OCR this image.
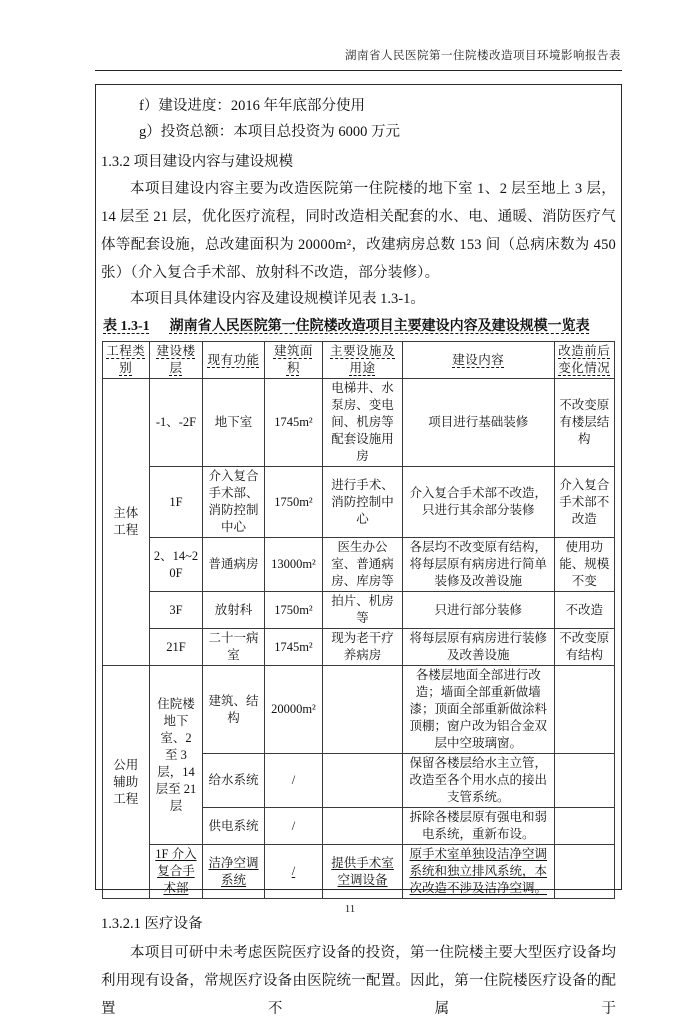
湖南省人民医院第一住院楼改造项目环境影响报告表

f）建设进度：2016 年年底部分使用

g）投资总额：本项目总投资为 6000 万元

1.3.2 项目建设内容与建设规模

本项目建设内容主要为改造医院第一住院楼的地下室 1、2 层至地上 3 层，14 层至 21 层，优化医疗流程，同时改造相关配套的水、电、通暖、消防医疗气体等配套设施，总改建面积为 20000m²，改建病房总数 153 间（总病床数为 450 张）（介入复合手术部、放射科不改造，部分装修）。

本项目具体建设内容及建设规模详见表 1.3-1。

表 1.3-1 湖南省人民医院第一住院楼改造项目主要建设内容及建设规模一览表

工程类别	建设楼层	现有功能	建筑面积	主要设施及用途	建设内容	改造前后变化情况
主体工程	-1、-2F	地下室	1745m²	电梯井、水泵房、变电间、机房等配套设施用房	项目进行基础装修	不改变原有楼层结构
	1F	介入复合手术部、消防控制中心	1750m²	进行手术、消防控制中心	介入复合手术部不改造，只进行其余部分装修	介入复合手术部不改造
	2、14~20F	普通病房	13000m²	医生办公室、普通病房、库房等	各层均不改变原有结构，将每层原有病房进行简单装修及改善设施	使用功能、规模不变
	3F	放射科	1750m²	拍片、机房等	只进行部分装修	不改造
	21F	二十一病室	1745m²	现为老干疗养病房	将每层原有病房进行装修及改善设施	不改变原有结构
公用辅助工程	住院楼地下室、2 至 3 层，14 层至 21 层	建筑、结构	20000m²		各楼层地面全部进行改造；墙面全部重新做墙漆；顶面全部重新做涂料顶棚；窗户改为铝合金双层中空玻璃窗。	
		给水系统	/		保留各楼层给水主立管，改造至各个用水点的接出支管系统。	
		供电系统	/		拆除各楼层原有强电和弱电系统，重新布设。	
	1F 介入复合手术部	洁净空调系统	/	提供手术室空调设备	原手术室单独设洁净空调系统和独立排风系统，本次改造不涉及洁净空调。	

1.3.2.1 医疗设备

本项目可研中未考虑医院医疗设备的投资，第一住院楼主要大型医疗设备均利用现有设备，常规医疗设备由医院统一配置。因此，第一住院楼医疗设备的配置不属于

11
